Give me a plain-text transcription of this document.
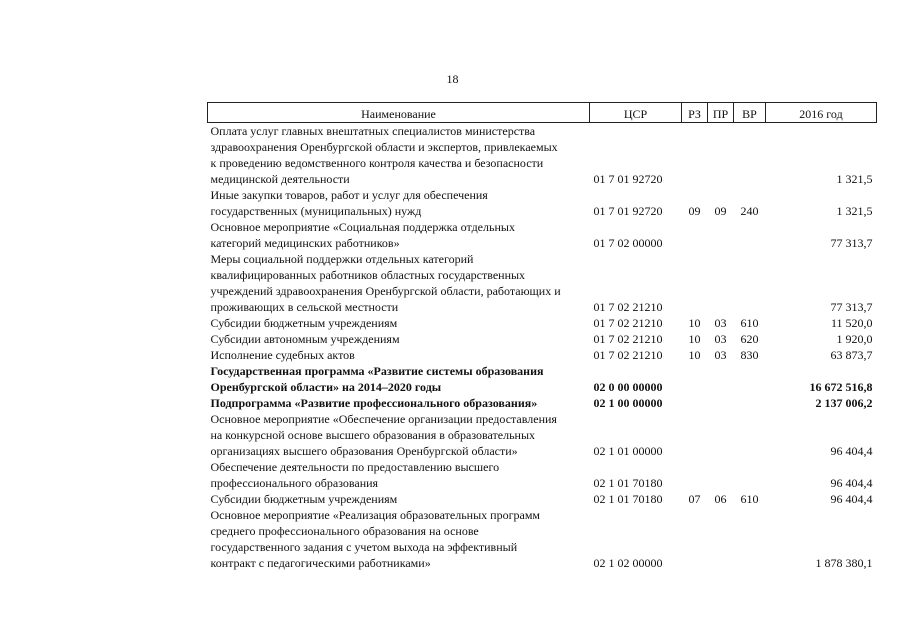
18
Наименование	ЦСР	РЗ	ПР	ВР	2016 год
Оплата услуг главных внештатных специалистов министерства
здравоохранения Оренбургской области и экспертов, привлекаемых
к проведению ведомственного контроля качества и безопасности
медицинской деятельности	01 7 01 92720				1 321,5
Иные закупки товаров, работ и услуг для обеспечения
государственных (муниципальных) нужд	01 7 01 92720	09	09	240	1 321,5
Основное мероприятие «Социальная поддержка отдельных
категорий медицинских работников»	01 7 02 00000				77 313,7
Меры социальной поддержки отдельных категорий
квалифицированных работников областных государственных
учреждений здравоохранения Оренбургской области, работающих и
проживающих в сельской местности	01 7 02 21210				77 313,7
Субсидии бюджетным учреждениям	01 7 02 21210	10	03	610	11 520,0
Субсидии автономным учреждениям	01 7 02 21210	10	03	620	1 920,0
Исполнение судебных актов	01 7 02 21210	10	03	830	63 873,7
Государственная программа «Развитие системы образования
Оренбургской области» на 2014–2020 годы	02 0 00 00000				16 672 516,8
Подпрограмма «Развитие профессионального образования»	02 1 00 00000				2 137 006,2
Основное мероприятие «Обеспечение организации предоставления
на конкурсной основе высшего образования в образовательных
организациях высшего образования Оренбургской области»	02 1 01 00000				96 404,4
Обеспечение деятельности по предоставлению высшего
профессионального образования	02 1 01 70180				96 404,4
Субсидии бюджетным учреждениям	02 1 01 70180	07	06	610	96 404,4
Основное мероприятие «Реализация образовательных программ
среднего профессионального образования на основе
государственного задания с учетом выхода на эффективный
контракт с педагогическими работниками»	02 1 02 00000				1 878 380,1
